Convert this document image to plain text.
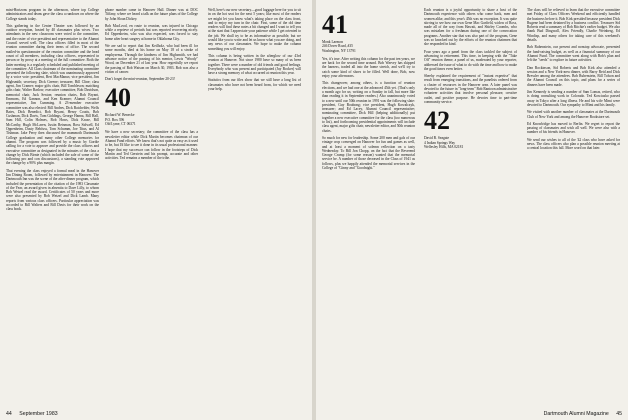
mini-Horizons program in the afternoon, where top College administrators and deans gave the class a rundown on where the College stands today.

This gathering in the Center Theater was followed by an outdoor reception, hosted by 40 classmates plus wives. Two attendants in the new classroom were voted to the committee, and the roster of vice president and representative to the Alumni Council served well. The class officers filled in most of the reunion committee during their terms of office. The second mailed-in questionnaire of the reunion committee and the head count of all members, including class officers, represented in person or by proxy at a meeting of the full committee. Both the latter meeting is a regularly scheduled and published meeting of the committee. All Class chairman of the nominating committee presented the following slate, which was unanimously approved by a voice vote: president, Bert MacManus; vice president, Jim Highsmith; secretary, Dick Greene; treasurer, Bill Cline; class agent, Jim Cramer; major gifts chair, Bill Tombleson; matching gifts chair, Walter Barlow; executive committee, Bob Davidson, memorial chair, Jack Sexton; reunion chairs, Bob Bryant, Emmons, Ed Gannon, and Ken Kramer; Alumni Council representative, Jim Cumming. A 23-member executive committee was also elected: Bill Andres, Dick Batchelder, Wells Bates, Dick Benedict, Bob Bryant, Henry Coutts, Bob Cushman, Dick Davis, Tom Giddings, George Hanna, Bill Hall, Sam Hill, Colin Holmes, Bob Haws, Dick Kruse, Bill McCarthy, Hugh McLaren, Justin Reisman, Ross Sidwell, Ed Oppenheim, Dusty Rehfuss, Tom Schumm, Joe Titus, and Al Tishman. Jake Perry then discussed the mammoth Dartmouth College graduation and many other College memories for alumni. The program was followed by a music by Gordie calling for a vote to approve and provide the class officers and executive committee as designated in the minutes of the class a change by Dick Birnie (which included the sale of some of the following pro and con discussions), a standing vote approved the change by a 90% plus margin.

That evening the class enjoyed a formal meal in the Hanover Inn Dining Room, followed by entertainment in Hanover. The Dartmouth Inn was the scene of the after-dinner program, which included the presentation of the citation of the 1983 Classmate of the Year, an award given in absentia to Dave Lilly, to whom Bob Wetzel read the award. Certificates of 50 years and more were also presented by Bob Wetzel and Dick Lamb. Many reports from various class officers. Particular appreciation was accorded to Bill Walters and Bill Davis for their work on the class book.

phone number came in Hanover Hall. Dinner was at DOC Tiffany, where we heard a talk on the future plans of the College by John Sloan Dickey.

Bob MacLeod, en route to reunion, was injured in Chicago while a reprieve of periods but was reported recovering nicely. Ed Oppenheim, who was also expected, was forced to stay home after heart surgery at home in Oklahoma City.

We are sad to report that Jim Keilholz, who had been ill for some months, died at his home on May 18 of a stroke of emphysema. Through the kindness of Jim Highsmith, we had advance notice of the passing of his mentor, Lewis "Woody" Wood, on December 21 of last year. How regretfully we report the passing of Bob Watson on March 30, 1983. Bob was also a victim of cancer.

Don't forget the mini-reunion, September 20-23!

40
Richard W. Benecke
P.O. Box 396
Old Lyme, CT 06371

We have a new secretary; the committee of the class has a newsletter editor while Dick Martin becomes chairman of our Alumni Fund efforts. We know that's not quite as easy as it used to be, but I'd like to see it done in its usual professional manner. I hope that my successor can follow in the footsteps of Dick Martin and Ted Gerstein and his prompt, accurate and other activities. Ted remains a member of the tribe.

Well, here's our new secretary—good luggage here for you to sit in on the hot seat for the next 5 years; like most of the readers we might let you know what's taking place on the class front, and to enjoy my turn in the chair. First, some of the old time readers will find these notes a bit changed and I want to tell you at the start that I appreciate your patience while I get oriented to the job. We shall try to be as informative as possible, but we would like you to write and let us know what you are doing, and any news of our classmates. We hope to make the column something you will enjoy.

This column is being written in the afterglow of our 43rd reunion at Hanover. Not since 1980 have so many of us been together. There were a number of old friends and good feelings. Everybody who was present and participated (Jay Bocker) will have a strong memory of what occurred at reunion this year.

Statistics from our files show that we still have a long list of classmates who have not been heard from, for which we need your help.

44 September 1983
41
Monk Larmon
246 Dover Road, #35
Washington, NY 13791

Yes, it's true. After writing this column for the past ten years, we are back for the second time around. Bob Warvey has skipped the harness, traded all into the home stretch, and we'll try to catch some kind of shoes to be filled. Well done, Bob, now enjoy your afternoons.

This changeover, among others, is a function of reunion elections, and we had one at the advanced 45th yet. (That's only a month ago for us; writing on a Sunday in fall, but more like than reading it in September readers.) Also unanimously voted to a new until our 50th reunion in 1991 was the following slate: president, Guy Boubong; vice president, Hugh Kowalczyk, treasurer; and Ed Lacey, Alumni Council representative; nominating committee, Dick Hill (helping additionally) put together a new executive committee for the class (too numerous to list), and forthcoming presidential appointments will include class agent, major gifts chair, newsletter editor, and 50th reunion chairs.

So much for new for leadership. Some 200 men and gals of our vintage crop converged on Hanover for fun and games as well, and at least a moment of solemn reflection on a tasty Wednesday. To Bill Jon Chopp, on the fact that the Reverend George Crump (for some reason) wanted that the memorial service be. A number of those deceased in the Class of 1941 as follows, plus we happily attended the memorial services in the College of "Ginny and "Goodnight."

Each reunion is a joyful opportunity to share a host of the Dartmouth experience with others who come back, men and women alike, and this year's 45th was no exception. It was quite stirring to see how our own Gene Mac Garfield, widow of Ross, made all of the way from Hawaii, and Shirley Coombs, who was mistaken for a freshman during one of the convocation programs. Another star that was also part of the program, Gene was so knocked out by the efforts of the reunion chairmen that she responded in kind.

Four years ago a panel from the class tackled the subject of advancing to retirement. This time, in keeping with the "Take Off" reunion theme, a panel of us, moderated by your reporter, addressed the issue of what to do with the time and how to make the good times even better.

Sheehy explained the requirement of "instant expertise" that result from emerging transitions, and the panelists ordered from a cluster of resources in the Hanover area. A later panel was devoted to the future in "long-term" Bob Rantoon administrative volunteer activities that involve personal pleasure, creative outlet, and positive purpose. He devotes time to part-time community service.

42
David B. Seagate
4 Indian Springs Way
Wellesley Hills, MA 02181

The class will be relieved to learn that the executive committee met Friday of Class Officers Weekend and efficiently handled the business before it. Bob Kirk presided because president Dick Rugene had been detained by a business conflict. Treasurer Sid Roberts read a summary of Bob Ritchie's earlier budget. We also thank Bud Dingwall, Alex Friendly, Charlie Weinberg, Ed Windisp, and many others for taking care of this weekend's details.

Bob Rubenstein, our present and nonstop advocate, presented the fund-raising budget, as well as a financial summary of our Alumni Fund. The committee went along with Bob's plan and left the "seeds" to explore in future activities.

Dan Rockinson, Sid Roberts and Bob Kirk also attended a session and a New York-area dinner, with Barry Reid and Dick Bressler among the attendees. Bob Rubenstein, Bill Tolson and the Alumni Council on this topic, and plans for a series of dinners have been made.

Jim Kennedy is sending a number of Sam Lomas, retired, who is doing consulting work in Colorado. Ted Kosciusko passed away in Tokyo after a long illness. He and his wife Mimi were devoted to Dartmouth. Our sympathy to Mimi and his family.

We visited with another number of classmates at the Dartmouth Club of New York and among the Hanover Bookstore set.

Ed Knowlridge has moved to Berlin. We regret to report the passing of classmates and wish all well. We were also with a number of his friends in Hanover.

We send our wishes to all of the '42 class who have asked for news. The class officers also plan a possible reunion meeting at a central location this fall. More word on that later.

Dartmouth Alumni Magazine 45
